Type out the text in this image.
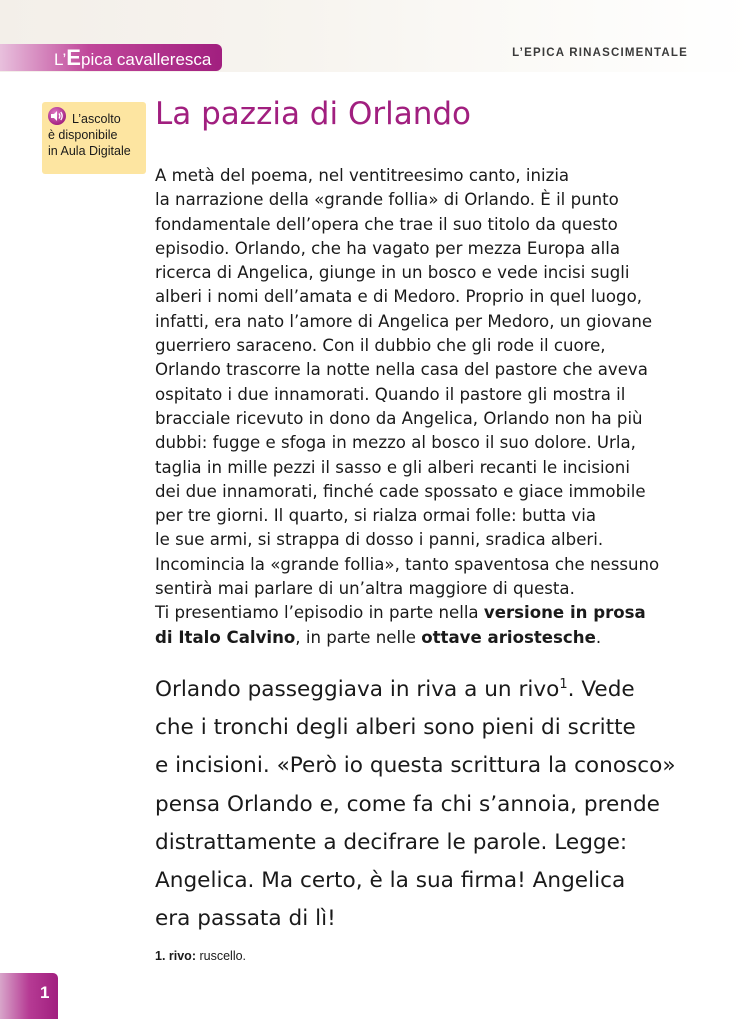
L’Epica cavalleresca	L’EPICA RINASCIMENTALE
L’ascolto
è disponibile
in Aula Digitale
La pazzia di Orlando
A metà del poema, nel ventitreesimo canto, inizia
la narrazione della «grande follia» di Orlando. È il punto
fondamentale dell’opera che trae il suo titolo da questo
episodio. Orlando, che ha vagato per mezza Europa alla
ricerca di Angelica, giunge in un bosco e vede incisi sugli
alberi i nomi dell’amata e di Medoro. Proprio in quel luogo,
infatti, era nato l’amore di Angelica per Medoro, un giovane
guerriero saraceno. Con il dubbio che gli rode il cuore,
Orlando trascorre la notte nella casa del pastore che aveva
ospitato i due innamorati. Quando il pastore gli mostra il
bracciale ricevuto in dono da Angelica, Orlando non ha più
dubbi: fugge e sfoga in mezzo al bosco il suo dolore. Urla,
taglia in mille pezzi il sasso e gli alberi recanti le incisioni
dei due innamorati, finché cade spossato e giace immobile
per tre giorni. Il quarto, si rialza ormai folle: butta via
le sue armi, si strappa di dosso i panni, sradica alberi.
Incomincia la «grande follia», tanto spaventosa che nessuno
sentirà mai parlare di un’altra maggiore di questa.
Ti presentiamo l’episodio in parte nella versione in prosa
di Italo Calvino, in parte nelle ottave ariostesche.
Orlando passeggiava in riva a un rivo$^1$. Vede
che i tronchi degli alberi sono pieni di scritte
e incisioni. «Però io questa scrittura la conosco»
pensa Orlando e, come fa chi s’annoia, prende
distrattamente a decifrare le parole. Legge:
Angelica. Ma certo, è la sua firma! Angelica
era passata di lì!
1. rivo: ruscello.
1
